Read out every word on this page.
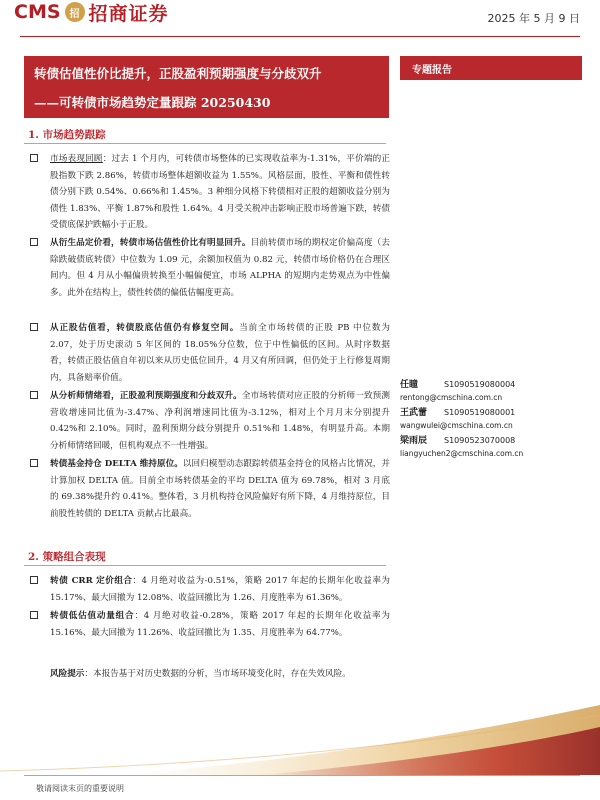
CMS 招 招商证券	2025 年 5 月 9 日
转债估值性价比提升，正股盈利预期强度与分歧双升
——可转债市场趋势定量跟踪 20250430
专题报告
1. 市场趋势跟踪
市场表现回顾：过去 1 个月内，可转债市场整体的已实现收益率为-1.31%，平价端的正股指数下跌 2.86%，转债市场整体超额收益为 1.55%。风格层面，股性、平衡和债性转债分别下跌 0.54%、0.66%和 1.45%。3 种细分风格下转债相对正股的超额收益分别为债性 1.83%、平衡 1.87%和股性 1.64%。4 月受关税冲击影响正股市场普遍下跌，转债受债底保护跌幅小于正股。
从衍生品定价看，转债市场估值性价比有明显回升。目前转债市场的期权定价偏高度（去除跌破债底转债）中位数为 1.09 元，余额加权值为 0.82 元，转债市场价格仍在合理区间内。但 4 月从小幅偏贵转换至小幅偏便宜，市场 ALPHA 的短期内走势观点为中性偏多。此外在结构上，债性转债的偏低估幅度更高。
从正股估值看，转债股底估值仍有修复空间。当前全市场转债的正股 PB 中位数为 2.07，处于历史滚动 5 年区间的 18.05%分位数，位于中性偏低的区间。从时序数据看，转债正股估值自年初以来从历史低位回升，4 月又有所回调，但仍处于上行修复周期内，具备赔率价值。
从分析师情绪看，正股盈利预期强度和分歧双升。全市场转债对应正股的分析师一致预测营收增速同比值为-3.47%、净利润增速同比值为-3.12%，相对上个月月末分别提升 0.42%和 2.10%。同时，盈利预期分歧分别提升 0.51%和 1.48%，有明显升高。本期分析师情绪回暖，但机构观点不一性增强。
转债基金持仓 DELTA 维持原位。以回归模型动态跟踪转债基金持仓的风格占比情况，并计算加权 DELTA 值。目前全市场转债基金的平均 DELTA 值为 69.78%，相对 3 月底的 69.38%提升约 0.41%。整体看，3 月机构持仓风险偏好有所下降，4 月维持原位，目前股性转债的 DELTA 贡献占比最高。
2. 策略组合表现
转债 CRR 定价组合：4 月绝对收益为-0.51%，策略 2017 年起的长期年化收益率为 15.17%、最大回撤为 12.08%、收益回撤比为 1.26、月度胜率为 61.36%。
转债低估值动量组合：4 月绝对收益-0.28%，策略 2017 年起的长期年化收益率为 15.16%、最大回撤为 11.26%、收益回撤比为 1.35、月度胜率为 64.77%。
风险提示：本报告基于对历史数据的分析，当市场环境变化时，存在失效风险。
任瞳	S1090519080004
rentong@cmschina.com.cn
王武蕾 S1090519080001
wangwulei@cmschina.com.cn
梁雨辰 S1090523070008
liangyuchen2@cmschina.com.cn
敬请阅读末页的重要说明
